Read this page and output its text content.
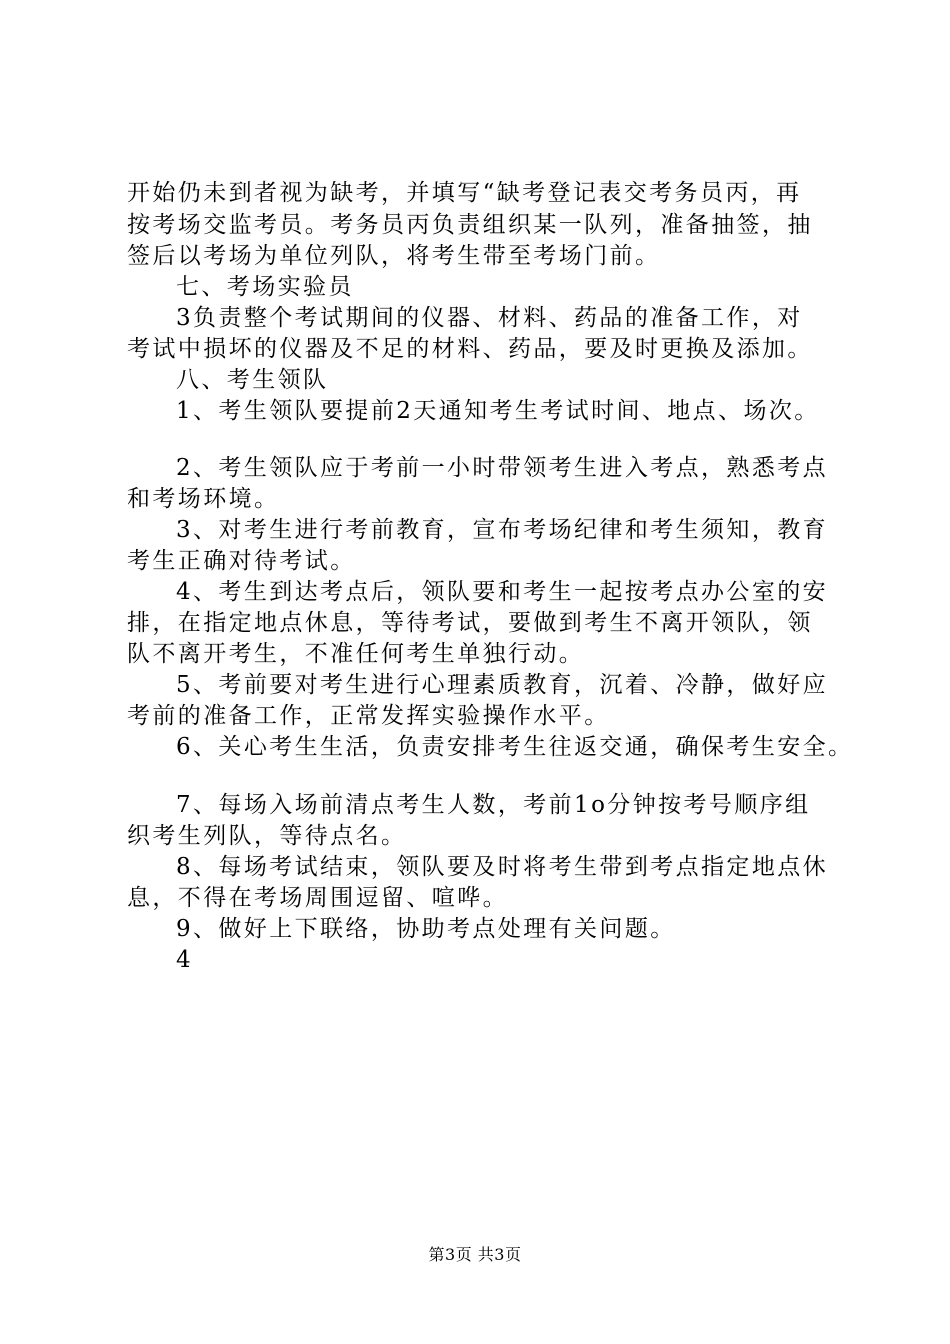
开始仍未到者视为缺考，并填写“缺考登记表交考务员丙，再
按考场交监考员。考务员丙负责组织某一队列，准备抽签，抽
签后以考场为单位列队，将考生带至考场门前。
七、考场实验员
3负责整个考试期间的仪器、材料、药品的准备工作，对
考试中损坏的仪器及不足的材料、药品，要及时更换及添加。
八、考生领队
1、考生领队要提前2天通知考生考试时间、地点、场次。
2、考生领队应于考前一小时带领考生进入考点，熟悉考点
和考场环境。
3、对考生进行考前教育，宣布考场纪律和考生须知，教育
考生正确对待考试。
4、考生到达考点后，领队要和考生一起按考点办公室的安
排，在指定地点休息，等待考试，要做到考生不离开领队，领
队不离开考生，不准任何考生单独行动。
5、考前要对考生进行心理素质教育，沉着、冷静，做好应
考前的准备工作，正常发挥实验操作水平。
6、关心考生生活，负责安排考生往返交通，确保考生安全。
7、每场入场前清点考生人数，考前1o分钟按考号顺序组
织考生列队，等待点名。
8、每场考试结束，领队要及时将考生带到考点指定地点休
息，不得在考场周围逗留、喧哗。
9、做好上下联络，协助考点处理有关问题。
4
第3页 共3页
